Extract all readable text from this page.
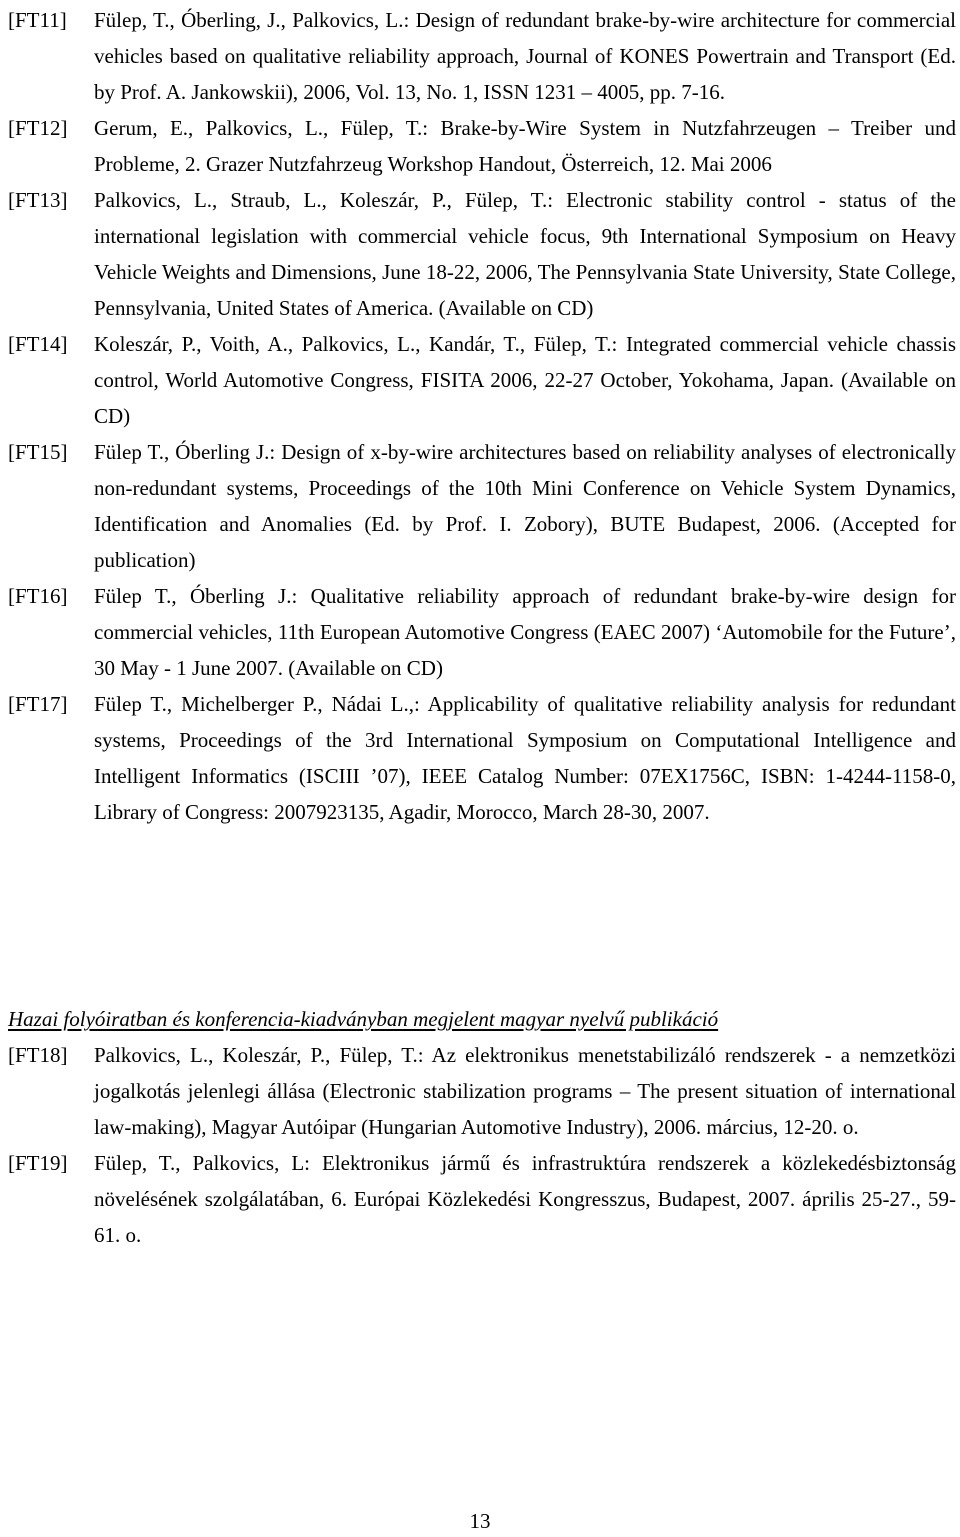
[FT11]	Fülep, T., Óberling, J., Palkovics, L.: Design of redundant brake-by-wire architecture for commercial vehicles based on qualitative reliability approach, Journal of KONES Powertrain and Transport (Ed. by Prof. A. Jankowskii), 2006, Vol. 13, No. 1, ISSN 1231 – 4005, pp. 7-16.
[FT12]	Gerum, E., Palkovics, L., Fülep, T.: Brake-by-Wire System in Nutzfahrzeugen – Treiber und Probleme, 2. Grazer Nutzfahrzeug Workshop Handout, Österreich, 12. Mai 2006
[FT13]	Palkovics, L., Straub, L., Koleszár, P., Fülep, T.: Electronic stability control - status of the international legislation with commercial vehicle focus, 9th International Symposium on Heavy Vehicle Weights and Dimensions, June 18-22, 2006, The Pennsylvania State University, State College, Pennsylvania, United States of America. (Available on CD)
[FT14]	Koleszár, P., Voith, A., Palkovics, L., Kandár, T., Fülep, T.: Integrated commercial vehicle chassis control, World Automotive Congress, FISITA 2006, 22-27 October, Yokohama, Japan. (Available on CD)
[FT15]	Fülep T., Óberling J.: Design of x-by-wire architectures based on reliability analyses of electronically non-redundant systems, Proceedings of the 10th Mini Conference on Vehicle System Dynamics, Identification and Anomalies (Ed. by Prof. I. Zobory), BUTE Budapest, 2006. (Accepted for publication)
[FT16]	Fülep T., Óberling J.: Qualitative reliability approach of redundant brake-by-wire design for commercial vehicles, 11th European Automotive Congress (EAEC 2007) ‘Automobile for the Future’, 30 May - 1 June 2007. (Available on CD)
[FT17]	Fülep T., Michelberger P., Nádai L.,: Applicability of qualitative reliability analysis for redundant systems, Proceedings of the 3rd International Symposium on Computational Intelligence and Intelligent Informatics (ISCIII ’07), IEEE Catalog Number: 07EX1756C, ISBN: 1-4244-1158-0, Library of Congress: 2007923135, Agadir, Morocco, March 28-30, 2007.
Hazai folyóiratban és konferencia-kiadványban megjelent magyar nyelvű publikáció
[FT18]	Palkovics, L., Koleszár, P., Fülep, T.: Az elektronikus menetstabilizáló rendszerek - a nemzetközi jogalkotás jelenlegi állása (Electronic stabilization programs – The present situation of international law-making), Magyar Autóipar (Hungarian Automotive Industry), 2006. március, 12-20. o.
[FT19]	Fülep, T., Palkovics, L: Elektronikus jármű és infrastruktúra rendszerek a közlekedésbiztonság növelésének szolgálatában, 6. Európai Közlekedési Kongresszus, Budapest, 2007. április 25-27., 59-61. o.
13
